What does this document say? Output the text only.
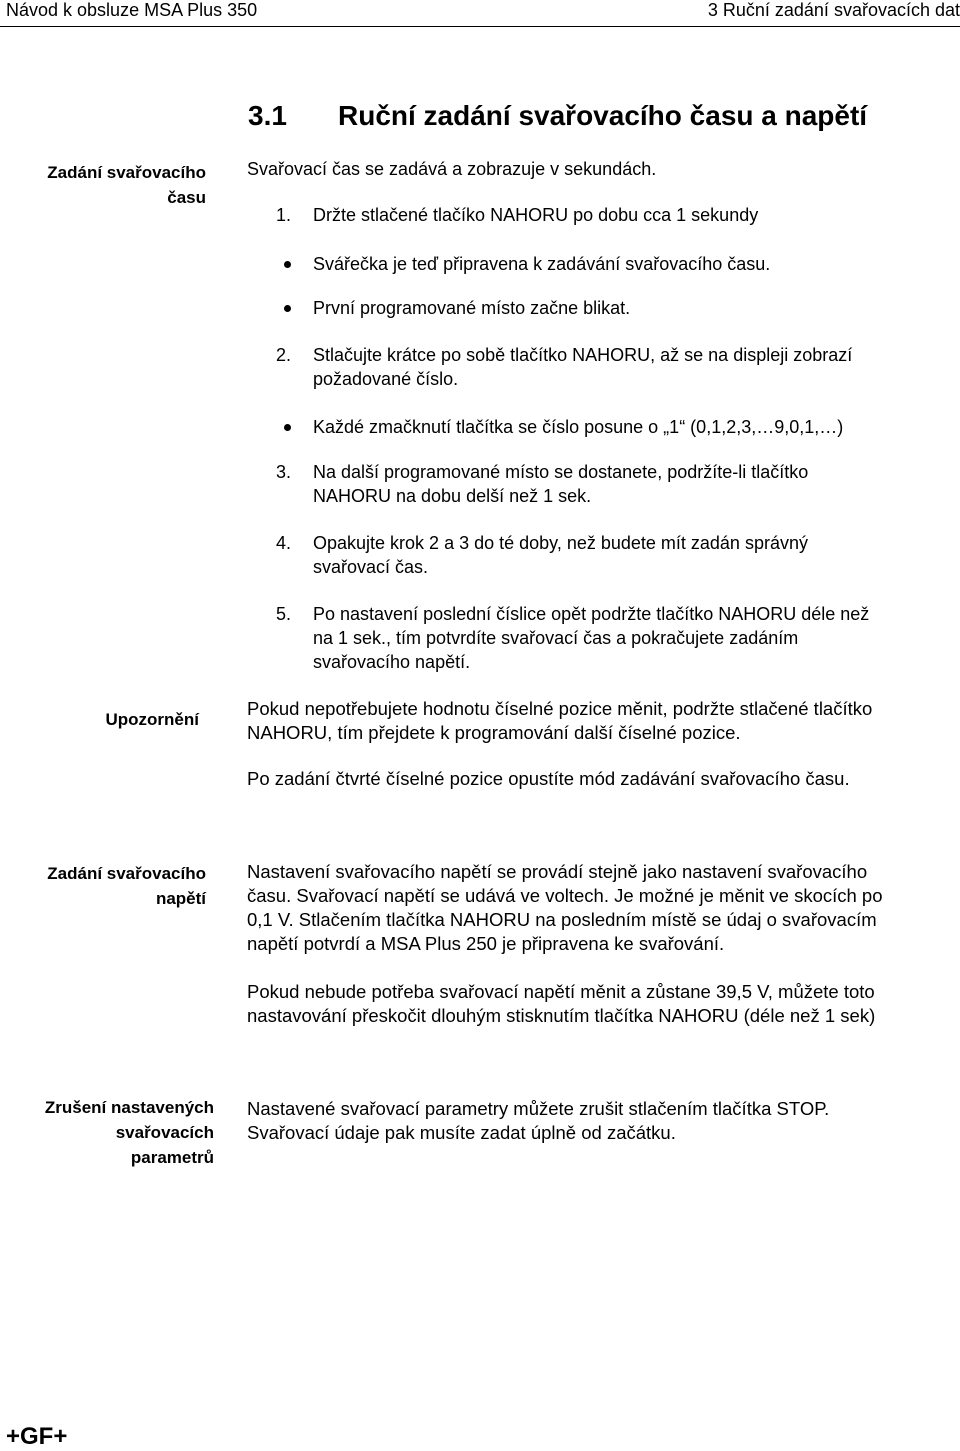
Návod k obsluze MSA Plus 350	3 Ruční zadání svařovacích dat
3.1 Ruční zadání svařovacího času a napětí
Zadání svařovacího
času
Svařovací čas se zadává a zobrazuje v sekundách.
1. Držte stlačené tlačíko NAHORU po dobu cca 1 sekundy
Svářečka je teď připravena k zadávání svařovacího času.
První programované místo začne blikat.
2. Stlačujte krátce po sobě tlačítko NAHORU, až se na displeji zobrazí
požadované číslo.
Každé zmačknutí tlačítka se číslo posune o „1“ (0,1,2,3,…9,0,1,…)
3. Na další programované místo se dostanete, podržíte-li tlačítko
NAHORU na dobu delší než 1 sek.
4. Opakujte krok 2 a 3 do té doby, než budete mít zadán správný
svařovací čas.
5. Po nastavení poslední číslice opět podržte tlačítko NAHORU déle než
na 1 sek., tím potvrdíte svařovací čas a pokračujete zadáním
svařovacího napětí.
Upozornění
Pokud nepotřebujete hodnotu číselné pozice měnit, podržte stlačené tlačítko
NAHORU, tím přejdete k programování další číselné pozice.
Po zadání čtvrté číselné pozice opustíte mód zadávání svařovacího času.
Zadání svařovacího
napětí
Nastavení svařovacího napětí se provádí stejně jako nastavení svařovacího
času. Svařovací napětí se udává ve voltech. Je možné je měnit ve skocích po
0,1 V. Stlačením tlačítka NAHORU na posledním místě se údaj o svařovacím
napětí potvrdí a MSA Plus 250 je připravena ke svařování.
Pokud nebude potřeba svařovací napětí měnit a zůstane 39,5 V, můžete toto
nastavování přeskočit dlouhým stisknutím tlačítka NAHORU (déle než 1 sek)
Zrušení nastavených
svařovacích
parametrů
Nastavené svařovací parametry můžete zrušit stlačením tlačítka STOP.
Svařovací údaje pak musíte zadat úplně od začátku.
+GF+
